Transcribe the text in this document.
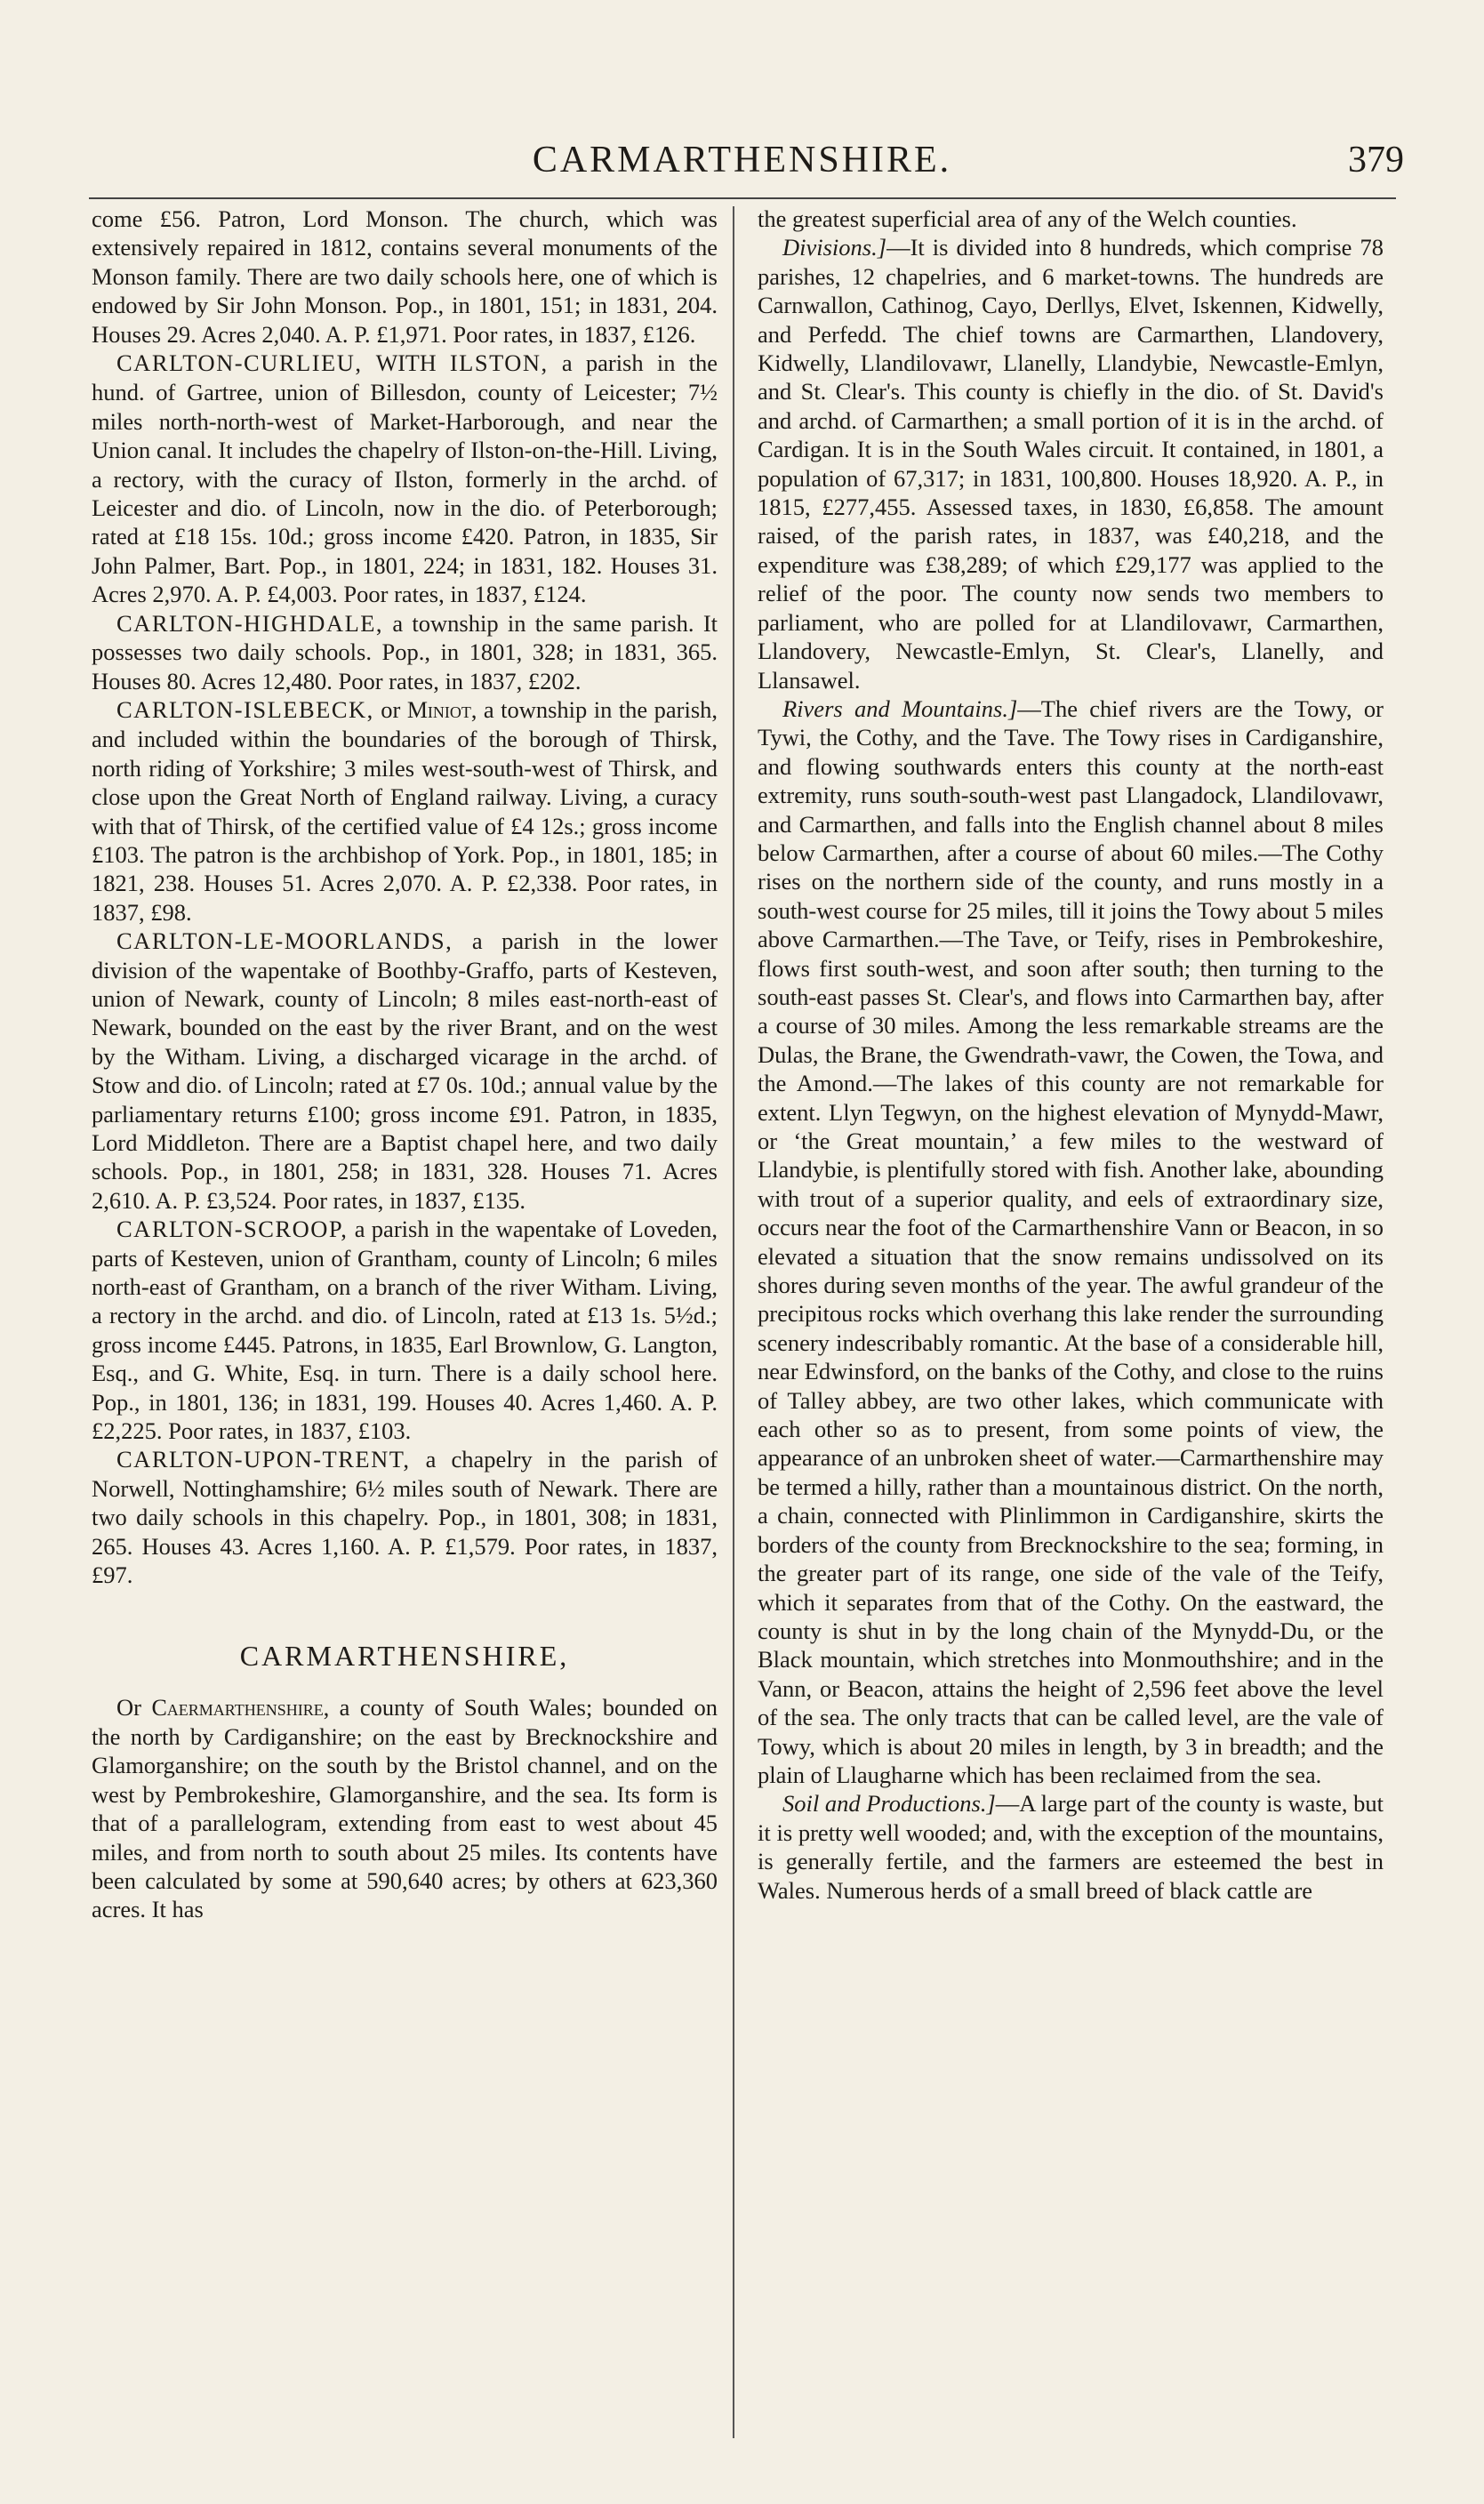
CARMARTHENSHIRE.	379

come £56. Patron, Lord Monson. The church, which was extensively repaired in 1812, contains several monuments of the Monson family. There are two daily schools here, one of which is endowed by Sir John Monson. Pop., in 1801, 151; in 1831, 204. Houses 29. Acres 2,040. A. P. £1,971. Poor rates, in 1837, £126.

CARLTON-CURLIEU, WITH ILSTON, a parish in the hund. of Gartree, union of Billesdon, county of Leicester; 7½ miles north-north-west of Market-Harborough, and near the Union canal. It includes the chapelry of Ilston-on-the-Hill. Living, a rectory, with the curacy of Ilston, formerly in the archd. of Leicester and dio. of Lincoln, now in the dio. of Peterborough; rated at £18 15s. 10d.; gross income £420. Patron, in 1835, Sir John Palmer, Bart. Pop., in 1801, 224; in 1831, 182. Houses 31. Acres 2,970. A. P. £4,003. Poor rates, in 1837, £124.

CARLTON-HIGHDALE, a township in the same parish. It possesses two daily schools. Pop., in 1801, 328; in 1831, 365. Houses 80. Acres 12,480. Poor rates, in 1837, £202.

CARLTON-ISLEBECK, or Miniot, a township in the parish, and included within the boundaries of the borough of Thirsk, north riding of Yorkshire; 3 miles west-south-west of Thirsk, and close upon the Great North of England railway. Living, a curacy with that of Thirsk, of the certified value of £4 12s.; gross income £103. The patron is the archbishop of York. Pop., in 1801, 185; in 1821, 238. Houses 51. Acres 2,070. A. P. £2,338. Poor rates, in 1837, £98.

CARLTON-LE-MOORLANDS, a parish in the lower division of the wapentake of Boothby-Graffo, parts of Kesteven, union of Newark, county of Lincoln; 8 miles east-north-east of Newark, bounded on the east by the river Brant, and on the west by the Witham. Living, a discharged vicarage in the archd. of Stow and dio. of Lincoln; rated at £7 0s. 10d.; annual value by the parliamentary returns £100; gross income £91. Patron, in 1835, Lord Middleton. There are a Baptist chapel here, and two daily schools. Pop., in 1801, 258; in 1831, 328. Houses 71. Acres 2,610. A. P. £3,524. Poor rates, in 1837, £135.

CARLTON-SCROOP, a parish in the wapentake of Loveden, parts of Kesteven, union of Grantham, county of Lincoln; 6 miles north-east of Grantham, on a branch of the river Witham. Living, a rectory in the archd. and dio. of Lincoln, rated at £13 1s. 5½d.; gross income £445. Patrons, in 1835, Earl Brownlow, G. Langton, Esq., and G. White, Esq. in turn. There is a daily school here. Pop., in 1801, 136; in 1831, 199. Houses 40. Acres 1,460. A. P. £2,225. Poor rates, in 1837, £103.

CARLTON-UPON-TRENT, a chapelry in the parish of Norwell, Nottinghamshire; 6½ miles south of Newark. There are two daily schools in this chapelry. Pop., in 1801, 308; in 1831, 265. Houses 43. Acres 1,160. A. P. £1,579. Poor rates, in 1837, £97.

CARMARTHENSHIRE,

Or Caermarthenshire, a county of South Wales; bounded on the north by Cardiganshire; on the east by Brecknockshire and Glamorganshire; on the south by the Bristol channel, and on the west by Pembrokeshire, Glamorganshire, and the sea. Its form is that of a parallelogram, extending from east to west about 45 miles, and from north to south about 25 miles. Its contents have been calculated by some at 590,640 acres; by others at 623,360 acres. It has

the greatest superficial area of any of the Welch counties.

Divisions.]—It is divided into 8 hundreds, which comprise 78 parishes, 12 chapelries, and 6 market-towns. The hundreds are Carnwallon, Cathinog, Cayo, Derllys, Elvet, Iskennen, Kidwelly, and Perfedd. The chief towns are Carmarthen, Llandovery, Kidwelly, Llandilovawr, Llanelly, Llandybie, Newcastle-Emlyn, and St. Clear's. This county is chiefly in the dio. of St. David's and archd. of Carmarthen; a small portion of it is in the archd. of Cardigan. It is in the South Wales circuit. It contained, in 1801, a population of 67,317; in 1831, 100,800. Houses 18,920. A. P., in 1815, £277,455. Assessed taxes, in 1830, £6,858. The amount raised, of the parish rates, in 1837, was £40,218, and the expenditure was £38,289; of which £29,177 was applied to the relief of the poor. The county now sends two members to parliament, who are polled for at Llandilovawr, Carmarthen, Llandovery, Newcastle-Emlyn, St. Clear's, Llanelly, and Llansawel.

Rivers and Mountains.]—The chief rivers are the Towy, or Tywi, the Cothy, and the Tave. The Towy rises in Cardiganshire, and flowing southwards enters this county at the north-east extremity, runs south-south-west past Llangadock, Llandilovawr, and Carmarthen, and falls into the English channel about 8 miles below Carmarthen, after a course of about 60 miles.—The Cothy rises on the northern side of the county, and runs mostly in a south-west course for 25 miles, till it joins the Towy about 5 miles above Carmarthen.—The Tave, or Teify, rises in Pembrokeshire, flows first south-west, and soon after south; then turning to the south-east passes St. Clear's, and flows into Carmarthen bay, after a course of 30 miles. Among the less remarkable streams are the Dulas, the Brane, the Gwendrath-vawr, the Cowen, the Towa, and the Amond.—The lakes of this county are not remarkable for extent. Llyn Tegwyn, on the highest elevation of Mynydd-Mawr, or ‘the Great mountain,’ a few miles to the westward of Llandybie, is plentifully stored with fish. Another lake, abounding with trout of a superior quality, and eels of extraordinary size, occurs near the foot of the Carmarthenshire Vann or Beacon, in so elevated a situation that the snow remains undissolved on its shores during seven months of the year. The awful grandeur of the precipitous rocks which overhang this lake render the surrounding scenery indescribably romantic. At the base of a considerable hill, near Edwinsford, on the banks of the Cothy, and close to the ruins of Talley abbey, are two other lakes, which communicate with each other so as to present, from some points of view, the appearance of an unbroken sheet of water.—Carmarthenshire may be termed a hilly, rather than a mountainous district. On the north, a chain, connected with Plinlimmon in Cardiganshire, skirts the borders of the county from Brecknockshire to the sea; forming, in the greater part of its range, one side of the vale of the Teify, which it separates from that of the Cothy. On the eastward, the county is shut in by the long chain of the Mynydd-Du, or the Black mountain, which stretches into Monmouthshire; and in the Vann, or Beacon, attains the height of 2,596 feet above the level of the sea. The only tracts that can be called level, are the vale of Towy, which is about 20 miles in length, by 3 in breadth; and the plain of Llaugharne which has been reclaimed from the sea.

Soil and Productions.]—A large part of the county is waste, but it is pretty well wooded; and, with the exception of the mountains, is generally fertile, and the farmers are esteemed the best in Wales. Numerous herds of a small breed of black cattle are
